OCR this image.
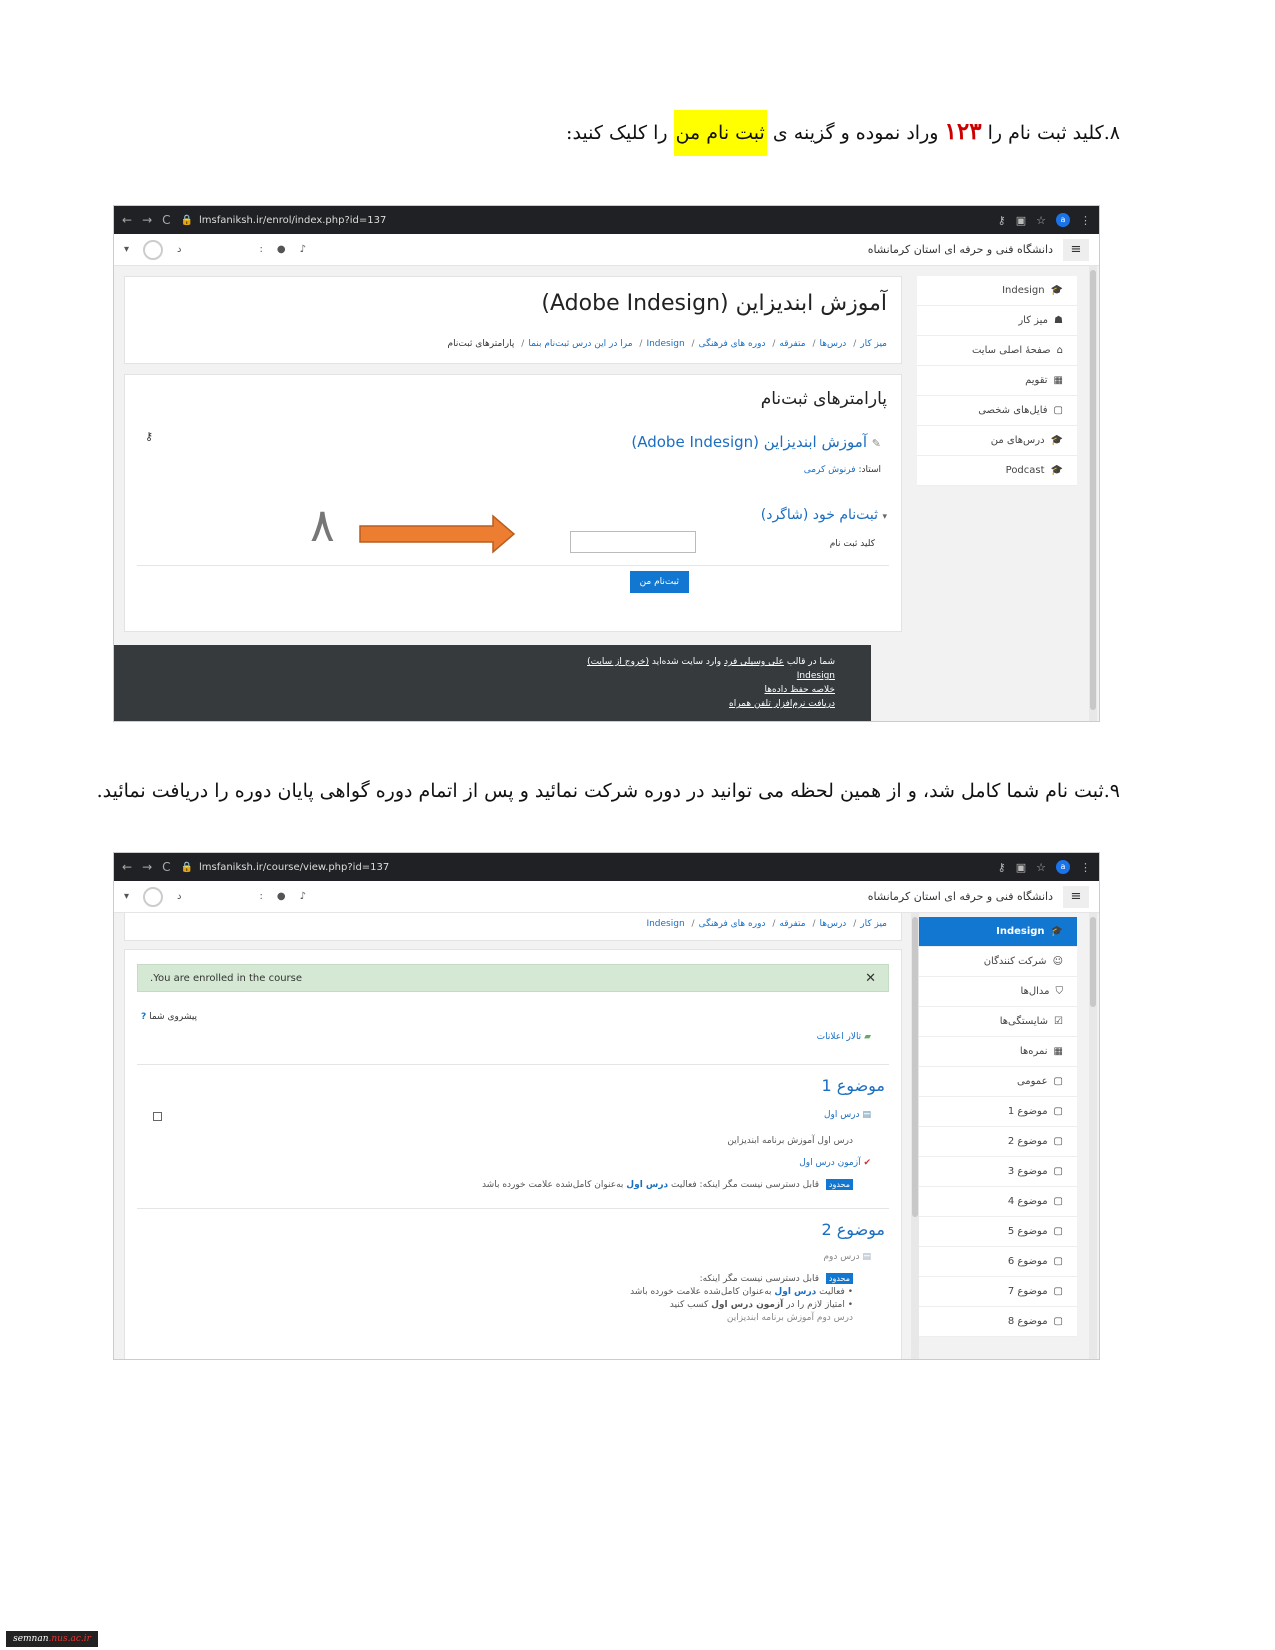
۸.کلید ثبت نام را ۱۲۳ وراد نموده و گزینه ی ثبت نام من را کلیک کنید:
← → C 🔒 lmsfaniksh.ir/enrol/index.php?id=137	⚷ ▣ ☆	a	⋮
▾	د	: ● ♪	≡
دانشگاه فنی و حرفه ای استان کرمانشاه
🎓
Indesign
☗
میز کار
⌂
صفحهٔ اصلی سایت
▦
تقویم
▢
فایل‌های شخصی
🎓
درس‌های من
🎓
Podcast
آموزش ابندیزاین (Adobe Indesign)
میز کار/ درس‌ها/ متفرقه/ دوره های فرهنگی/ Indesign/ مرا در این درس ثبت‌نام بنما/ پارامترهای ثبت‌نام
پارامترهای ثبت‌نام
✎ آموزش ابندیزاین (Adobe Indesign)
⚷
استاد: فرنوش کرمی
▾ ثبت‌نام خود (شاگرد)
کلید ثبت نام
ثبت‌نام من
۸
شما در قالب علی وسیلی فرد وارد سایت شده‌اید (خروج از سایت)
Indesign
خلاصه حفظ داده‌ها
دریافت نرم‌افزار تلفن همراه
۹.ثبت نام شما کامل شد، و از همین لحظه می توانید در دوره شرکت نمائید و پس از اتمام دوره گواهی پایان دوره را دریافت نمائید.
← → C 🔒 lmsfaniksh.ir/course/view.php?id=137	⚷ ▣ ☆	a	⋮
▾	د	: ● ♪	≡
دانشگاه فنی و حرفه ای استان کرمانشاه
🎓
Indesign
☺
شرکت کنندگان
⛉
مدال‌ها
☑
شایستگی‌ها
▦
نمره‌ها
▢
عمومی
▢
موضوع 1
▢
موضوع 2
▢
موضوع 3
▢
موضوع 4
▢
موضوع 5
▢
موضوع 6
▢
موضوع 7
▢
موضوع 8
میز کار/ درس‌ها/ متفرقه/ دوره های فرهنگی/ Indesign
✕
You are enrolled in the course.
? پیشروی شما
▰ تالار اعلانات
موضوع 1
▤ درس اول
درس اول آموزش برنامه ابندیزاین
✔ آزمون درس اول
محدود قابل دسترسی نیست مگر اینکه: فعالیت درس اول به‌عنوان کامل‌شده علامت خورده باشد
موضوع 2
▤ درس دوم
محدود قابل دسترسی نیست مگر اینکه:
• فعالیت درس اول به‌عنوان کامل‌شده علامت خورده باشد
• امتیاز لازم را در آزمون درس اول کسب کنید
درس دوم آموزش برنامه ابندیزاین
semnan .nus.ac.ir
